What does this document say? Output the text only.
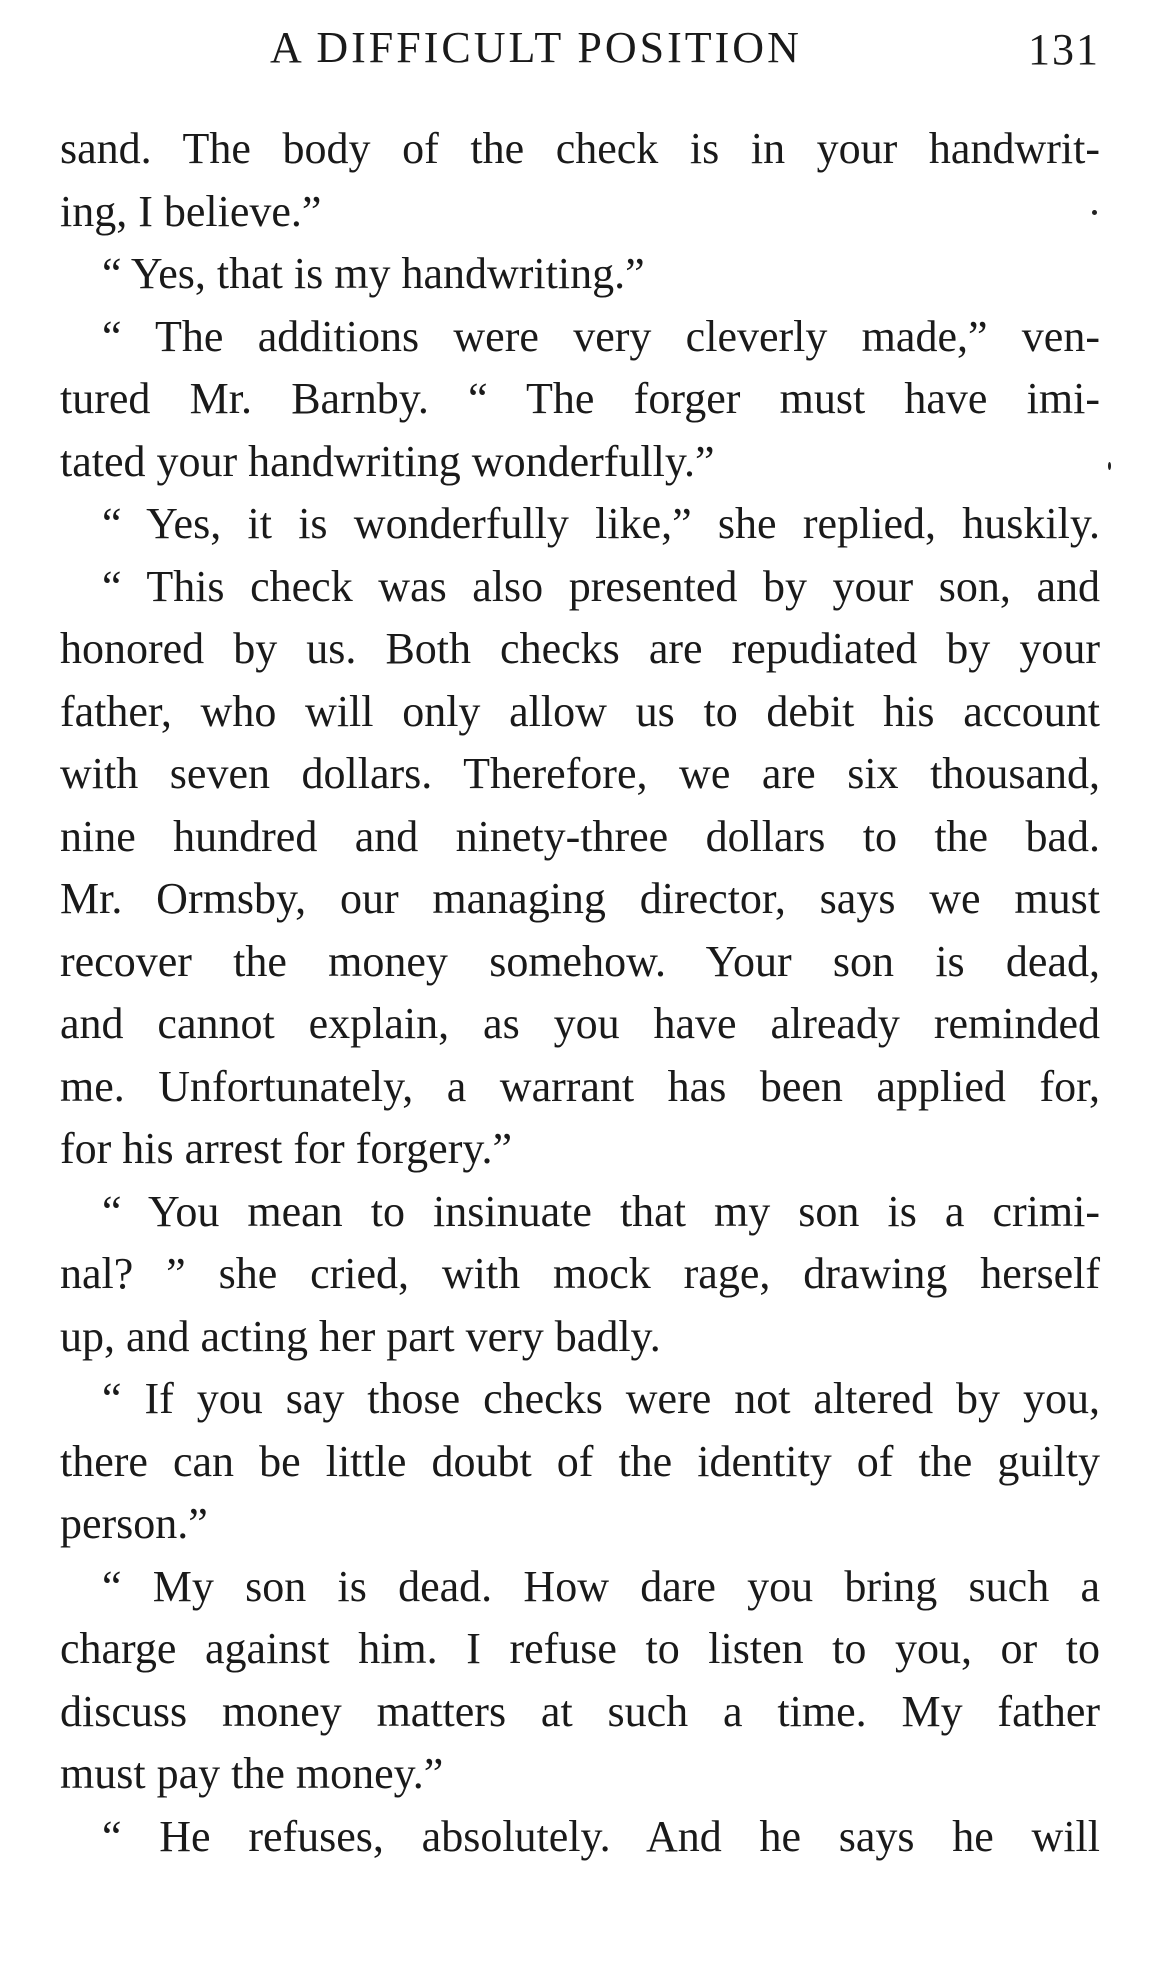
A DIFFICULT POSITION	131
sand. The body of the check is in your handwrit-
ing, I believe.”
“ Yes, that is my handwriting.”
“ The additions were very cleverly made,” ven-
tured Mr. Barnby. “ The forger must have imi-
tated your handwriting wonderfully.”
“ Yes, it is wonderfully like,” she replied, huskily.
“ This check was also presented by your son, and
honored by us. Both checks are repudiated by your
father, who will only allow us to debit his account
with seven dollars. Therefore, we are six thousand,
nine hundred and ninety-three dollars to the bad.
Mr. Ormsby, our managing director, says we must
recover the money somehow. Your son is dead,
and cannot explain, as you have already reminded
me. Unfortunately, a warrant has been applied for,
for his arrest for forgery.”
“ You mean to insinuate that my son is a crimi-
nal? ” she cried, with mock rage, drawing herself
up, and acting her part very badly.
“ If you say those checks were not altered by you,
there can be little doubt of the identity of the guilty
person.”
“ My son is dead. How dare you bring such a
charge against him. I refuse to listen to you, or to
discuss money matters at such a time. My father
must pay the money.”
“ He refuses, absolutely. And he says he will
